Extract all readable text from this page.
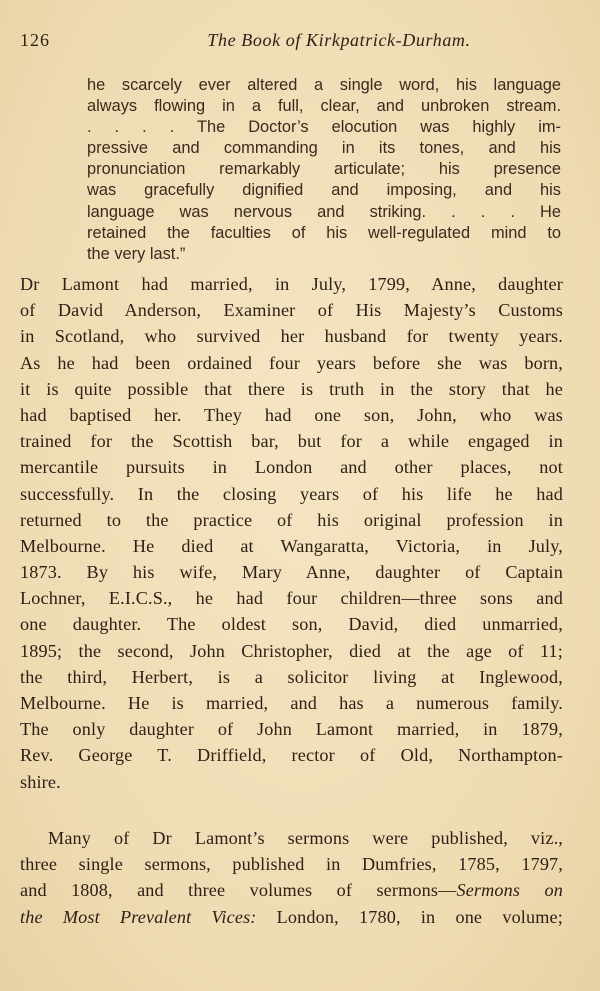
126	The Book of Kirkpatrick-Durham.
he scarcely ever altered a single word, his language
always flowing in a full, clear, and unbroken stream.
. . . . The Doctor’s elocution was highly im-
pressive and commanding in its tones, and his
pronunciation remarkably articulate; his presence
was gracefully dignified and imposing, and his
language was nervous and striking. . . . He
retained the faculties of his well-regulated mind to
the very last.”
Dr Lamont had married, in July, 1799, Anne, daughter
of David Anderson, Examiner of His Majesty’s Customs
in Scotland, who survived her husband for twenty years.
As he had been ordained four years before she was born,
it is quite possible that there is truth in the story that he
had baptised her. They had one son, John, who was
trained for the Scottish bar, but for a while engaged in
mercantile pursuits in London and other places, not
successfully. In the closing years of his life he had
returned to the practice of his original profession in
Melbourne. He died at Wangaratta, Victoria, in July,
1873. By his wife, Mary Anne, daughter of Captain
Lochner, E.I.C.S., he had four children—three sons and
one daughter. The oldest son, David, died unmarried,
1895; the second, John Christopher, died at the age of 11;
the third, Herbert, is a solicitor living at Inglewood,
Melbourne. He is married, and has a numerous family.
The only daughter of John Lamont married, in 1879,
Rev. George T. Driffield, rector of Old, Northampton-
shire.
Many of Dr Lamont’s sermons were published, viz.,
three single sermons, published in Dumfries, 1785, 1797,
and 1808, and three volumes of sermons—Sermons on
the Most Prevalent Vices: London, 1780, in one volume;
